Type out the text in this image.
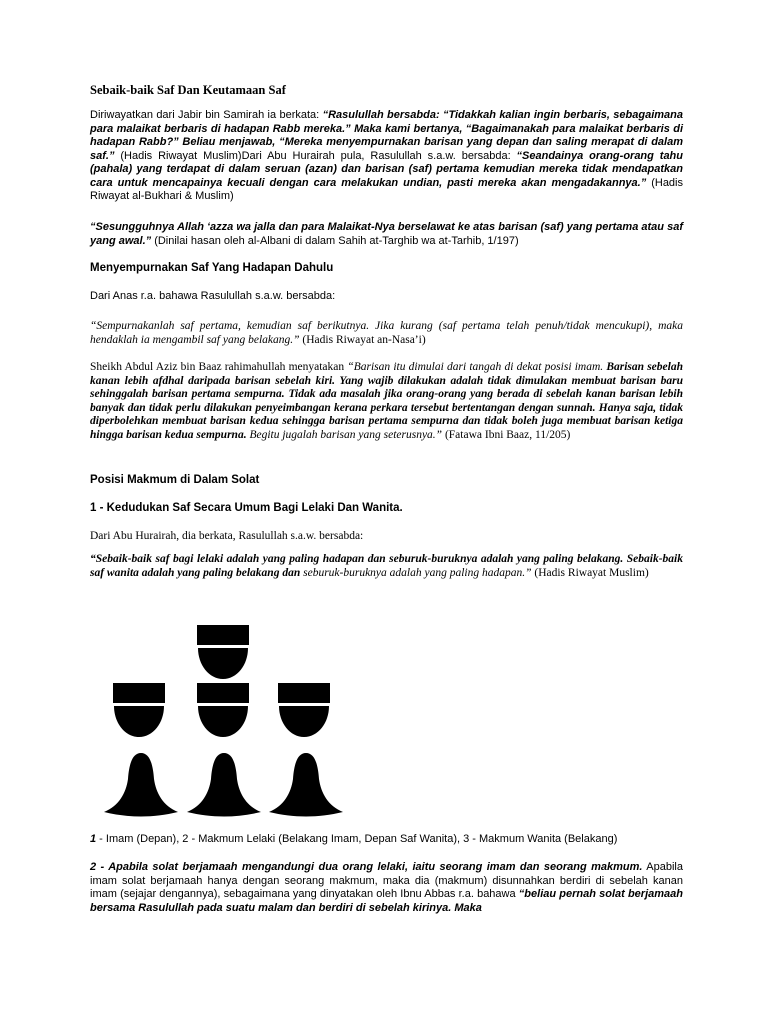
Sebaik-baik Saf Dan Keutamaan Saf

Diriwayatkan dari Jabir bin Samirah ia berkata: “Rasulullah bersabda: “Tidakkah kalian ingin berbaris, sebagaimana para malaikat berbaris di hadapan Rabb mereka.” Maka kami bertanya, “Bagaimanakah para malaikat berbaris di hadapan Rabb?” Beliau menjawab, “Mereka menyempurnakan barisan yang depan dan saling merapat di dalam saf.” (Hadis Riwayat Muslim)Dari Abu Hurairah pula, Rasulullah s.a.w. bersabda: “Seandainya orang-orang tahu (pahala) yang terdapat di dalam seruan (azan) dan barisan (saf) pertama kemudian mereka tidak mendapatkan cara untuk mencapainya kecuali dengan cara melakukan undian, pasti mereka akan mengadakannya.” (Hadis Riwayat al-Bukhari & Muslim)

“Sesungguhnya Allah ‘azza wa jalla dan para Malaikat-Nya berselawat ke atas barisan (saf) yang pertama atau saf yang awal.” (Dinilai hasan oleh al-Albani di dalam Sahih at-Targhib wa at-Tarhib, 1/197)

Menyempurnakan Saf Yang Hadapan Dahulu

Dari Anas r.a. bahawa Rasulullah s.a.w. bersabda:

“Sempurnakanlah saf pertama, kemudian saf berikutnya. Jika kurang (saf pertama telah penuh/tidak mencukupi), maka hendaklah ia mengambil saf yang belakang.” (Hadis Riwayat an-Nasa’i)

Sheikh Abdul Aziz bin Baaz rahimahullah menyatakan “Barisan itu dimulai dari tangah di dekat posisi imam. Barisan sebelah kanan lebih afdhal daripada barisan sebelah kiri. Yang wajib dilakukan adalah tidak dimulakan membuat barisan baru sehinggalah barisan pertama sempurna. Tidak ada masalah jika orang-orang yang berada di sebelah kanan barisan lebih banyak dan tidak perlu dilakukan penyeimbangan kerana perkara tersebut bertentangan dengan sunnah. Hanya saja, tidak diperbolehkan membuat barisan kedua sehingga barisan pertama sempurna dan tidak boleh juga membuat barisan ketiga hingga barisan kedua sempurna. Begitu jugalah barisan yang seterusnya.” (Fatawa Ibni Baaz, 11/205)

Posisi Makmum di Dalam Solat
1 - Kedudukan Saf Secara Umum Bagi Lelaki Dan Wanita.

Dari Abu Hurairah, dia berkata, Rasulullah s.a.w. bersabda:

“Sebaik-baik saf bagi lelaki adalah yang paling hadapan dan seburuk-buruknya adalah yang paling belakang. Sebaik-baik saf wanita adalah yang paling belakang dan seburuk-buruknya adalah yang paling hadapan.” (Hadis Riwayat Muslim)

1 - Imam (Depan), 2 - Makmum Lelaki (Belakang Imam, Depan Saf Wanita), 3 - Makmum Wanita (Belakang)

2 - Apabila solat berjamaah mengandungi dua orang lelaki, iaitu seorang imam dan seorang makmum. Apabila imam solat berjamaah hanya dengan seorang makmum, maka dia (makmum) disunnahkan berdiri di sebelah kanan imam (sejajar dengannya), sebagaimana yang dinyatakan oleh Ibnu Abbas r.a. bahawa “beliau pernah solat berjamaah bersama Rasulullah pada suatu malam dan berdiri di sebelah kirinya. Maka
